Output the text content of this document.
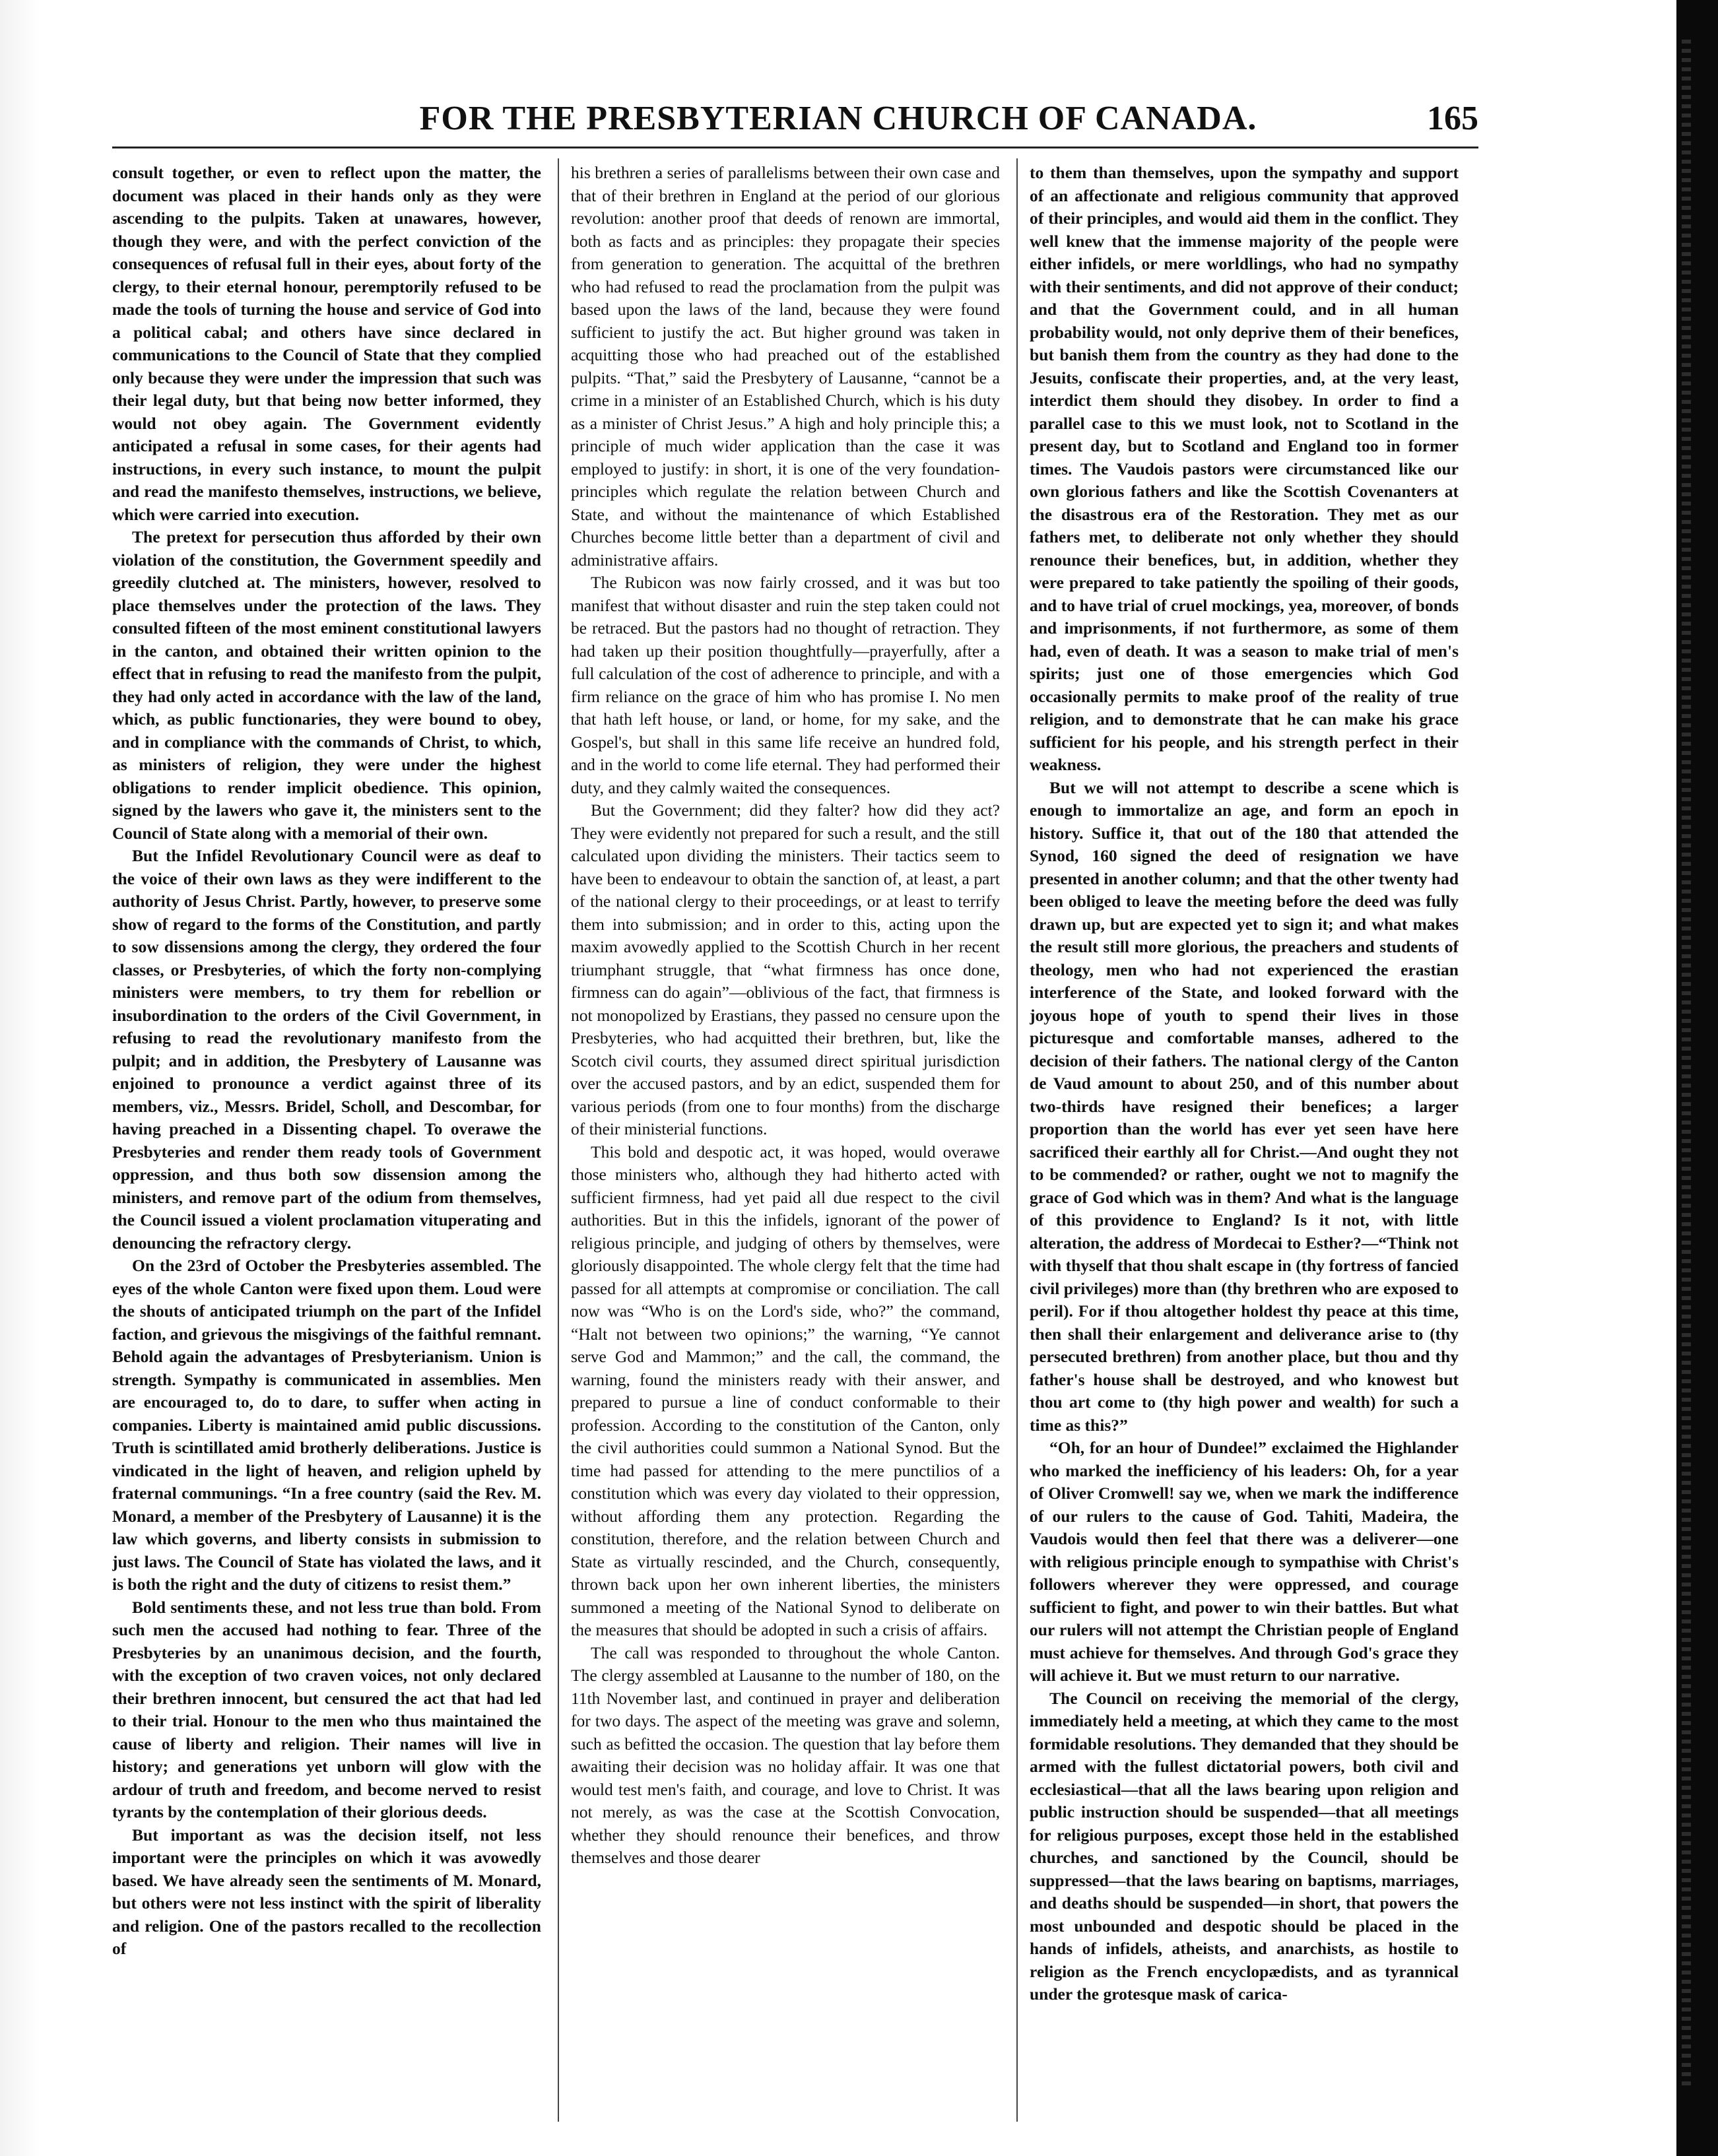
FOR THE PRESBYTERIAN CHURCH OF CANADA.	165

consult together, or even to reflect upon the matter, the document was placed in their hands only as they were ascending to the pulpits. Taken at unawares, however, though they were, and with the perfect conviction of the consequences of refusal full in their eyes, about forty of the clergy, to their eternal honour, peremptorily refused to be made the tools of turning the house and service of God into a political cabal; and others have since declared in communications to the Council of State that they complied only because they were under the impression that such was their legal duty, but that being now better informed, they would not obey again. The Government evidently anticipated a refusal in some cases, for their agents had instructions, in every such instance, to mount the pulpit and read the manifesto themselves, instructions, we believe, which were carried into execution.

The pretext for persecution thus afforded by their own violation of the constitution, the Government speedily and greedily clutched at. The ministers, however, resolved to place themselves under the protection of the laws. They consulted fifteen of the most eminent constitutional lawyers in the canton, and obtained their written opinion to the effect that in refusing to read the manifesto from the pulpit, they had only acted in accordance with the law of the land, which, as public functionaries, they were bound to obey, and in compliance with the commands of Christ, to which, as ministers of religion, they were under the highest obligations to render implicit obedience. This opinion, signed by the lawers who gave it, the ministers sent to the Council of State along with a memorial of their own.

But the Infidel Revolutionary Council were as deaf to the voice of their own laws as they were indifferent to the authority of Jesus Christ. Partly, however, to preserve some show of regard to the forms of the Constitution, and partly to sow dissensions among the clergy, they ordered the four classes, or Presbyteries, of which the forty non-complying ministers were members, to try them for rebellion or insubordination to the orders of the Civil Government, in refusing to read the revolutionary manifesto from the pulpit; and in addition, the Presbytery of Lausanne was enjoined to pronounce a verdict against three of its members, viz., Messrs. Bridel, Scholl, and Descombar, for having preached in a Dissenting chapel. To overawe the Presbyteries and render them ready tools of Government oppression, and thus both sow dissension among the ministers, and remove part of the odium from themselves, the Council issued a violent proclamation vituperating and denouncing the refractory clergy.

On the 23rd of October the Presbyteries assembled. The eyes of the whole Canton were fixed upon them. Loud were the shouts of anticipated triumph on the part of the Infidel faction, and grievous the misgivings of the faithful remnant. Behold again the advantages of Presbyterianism. Union is strength. Sympathy is communicated in assemblies. Men are encouraged to, do to dare, to suffer when acting in companies. Liberty is maintained amid public discussions. Truth is scintillated amid brotherly deliberations. Justice is vindicated in the light of heaven, and religion upheld by fraternal communings. “In a free country (said the Rev. M. Monard, a member of the Presbytery of Lausanne) it is the law which governs, and liberty consists in submission to just laws. The Council of State has violated the laws, and it is both the right and the duty of citizens to resist them.”

Bold sentiments these, and not less true than bold. From such men the accused had nothing to fear. Three of the Presbyteries by an unanimous decision, and the fourth, with the exception of two craven voices, not only declared their brethren innocent, but censured the act that had led to their trial. Honour to the men who thus maintained the cause of liberty and religion. Their names will live in history; and generations yet unborn will glow with the ardour of truth and freedom, and become nerved to resist tyrants by the contemplation of their glorious deeds.

But important as was the decision itself, not less important were the principles on which it was avowedly based. We have already seen the sentiments of M. Monard, but others were not less instinct with the spirit of liberality and religion. One of the pastors recalled to the recollection of

his brethren a series of parallelisms between their own case and that of their brethren in England at the period of our glorious revolution: another proof that deeds of renown are immortal, both as facts and as principles: they propagate their species from generation to generation. The acquittal of the brethren who had refused to read the proclamation from the pulpit was based upon the laws of the land, because they were found sufficient to justify the act. But higher ground was taken in acquitting those who had preached out of the established pulpits. “That,” said the Presbytery of Lausanne, “cannot be a crime in a minister of an Established Church, which is his duty as a minister of Christ Jesus.” A high and holy principle this; a principle of much wider application than the case it was employed to justify: in short, it is one of the very foundation-principles which regulate the relation between Church and State, and without the maintenance of which Established Churches become little better than a department of civil and administrative affairs.

The Rubicon was now fairly crossed, and it was but too manifest that without disaster and ruin the step taken could not be retraced. But the pastors had no thought of retraction. They had taken up their position thoughtfully—prayerfully, after a full calculation of the cost of adherence to principle, and with a firm reliance on the grace of him who has promise I. No men that hath left house, or land, or home, for my sake, and the Gospel's, but shall in this same life receive an hundred fold, and in the world to come life eternal. They had performed their duty, and they calmly waited the consequences.

But the Government; did they falter? how did they act? They were evidently not prepared for such a result, and the still calculated upon dividing the ministers. Their tactics seem to have been to endeavour to obtain the sanction of, at least, a part of the national clergy to their proceedings, or at least to terrify them into submission; and in order to this, acting upon the maxim avowedly applied to the Scottish Church in her recent triumphant struggle, that “what firmness has once done, firmness can do again”—oblivious of the fact, that firmness is not monopolized by Erastians, they passed no censure upon the Presbyteries, who had acquitted their brethren, but, like the Scotch civil courts, they assumed direct spiritual jurisdiction over the accused pastors, and by an edict, suspended them for various periods (from one to four months) from the discharge of their ministerial functions.

This bold and despotic act, it was hoped, would overawe those ministers who, although they had hitherto acted with sufficient firmness, had yet paid all due respect to the civil authorities. But in this the infidels, ignorant of the power of religious principle, and judging of others by themselves, were gloriously disappointed. The whole clergy felt that the time had passed for all attempts at compromise or conciliation. The call now was “Who is on the Lord's side, who?” the command, “Halt not between two opinions;” the warning, “Ye cannot serve God and Mammon;” and the call, the command, the warning, found the ministers ready with their answer, and prepared to pursue a line of conduct conformable to their profession. According to the constitution of the Canton, only the civil authorities could summon a National Synod. But the time had passed for attending to the mere punctilios of a constitution which was every day violated to their oppression, without affording them any protection. Regarding the constitution, therefore, and the relation between Church and State as virtually rescinded, and the Church, consequently, thrown back upon her own inherent liberties, the ministers summoned a meeting of the National Synod to deliberate on the measures that should be adopted in such a crisis of affairs.

The call was responded to throughout the whole Canton. The clergy assembled at Lausanne to the number of 180, on the 11th November last, and continued in prayer and deliberation for two days. The aspect of the meeting was grave and solemn, such as befitted the occasion. The question that lay before them awaiting their decision was no holiday affair. It was one that would test men's faith, and courage, and love to Christ. It was not merely, as was the case at the Scottish Convocation, whether they should renounce their benefices, and throw themselves and those dearer

to them than themselves, upon the sympathy and support of an affectionate and religious community that approved of their principles, and would aid them in the conflict. They well knew that the immense majority of the people were either infidels, or mere worldlings, who had no sympathy with their sentiments, and did not approve of their conduct; and that the Government could, and in all human probability would, not only deprive them of their benefices, but banish them from the country as they had done to the Jesuits, confiscate their properties, and, at the very least, interdict them should they disobey. In order to find a parallel case to this we must look, not to Scotland in the present day, but to Scotland and England too in former times. The Vaudois pastors were circumstanced like our own glorious fathers and like the Scottish Covenanters at the disastrous era of the Restoration. They met as our fathers met, to deliberate not only whether they should renounce their benefices, but, in addition, whether they were prepared to take patiently the spoiling of their goods, and to have trial of cruel mockings, yea, moreover, of bonds and imprisonments, if not furthermore, as some of them had, even of death. It was a season to make trial of men's spirits; just one of those emergencies which God occasionally permits to make proof of the reality of true religion, and to demonstrate that he can make his grace sufficient for his people, and his strength perfect in their weakness.

But we will not attempt to describe a scene which is enough to immortalize an age, and form an epoch in history. Suffice it, that out of the 180 that attended the Synod, 160 signed the deed of resignation we have presented in another column; and that the other twenty had been obliged to leave the meeting before the deed was fully drawn up, but are expected yet to sign it; and what makes the result still more glorious, the preachers and students of theology, men who had not experienced the erastian interference of the State, and looked forward with the joyous hope of youth to spend their lives in those picturesque and comfortable manses, adhered to the decision of their fathers. The national clergy of the Canton de Vaud amount to about 250, and of this number about two-thirds have resigned their benefices; a larger proportion than the world has ever yet seen have here sacrificed their earthly all for Christ.—And ought they not to be commended? or rather, ought we not to magnify the grace of God which was in them? And what is the language of this providence to England? Is it not, with little alteration, the address of Mordecai to Esther?—“Think not with thyself that thou shalt escape in (thy fortress of fancied civil privileges) more than (thy brethren who are exposed to peril). For if thou altogether holdest thy peace at this time, then shall their enlargement and deliverance arise to (thy persecuted brethren) from another place, but thou and thy father's house shall be destroyed, and who knowest but thou art come to (thy high power and wealth) for such a time as this?”

“Oh, for an hour of Dundee!” exclaimed the Highlander who marked the inefficiency of his leaders: Oh, for a year of Oliver Cromwell! say we, when we mark the indifference of our rulers to the cause of God. Tahiti, Madeira, the Vaudois would then feel that there was a deliverer—one with religious principle enough to sympathise with Christ's followers wherever they were oppressed, and courage sufficient to fight, and power to win their battles. But what our rulers will not attempt the Christian people of England must achieve for themselves. And through God's grace they will achieve it. But we must return to our narrative.

The Council on receiving the memorial of the clergy, immediately held a meeting, at which they came to the most formidable resolutions. They demanded that they should be armed with the fullest dictatorial powers, both civil and ecclesiastical—that all the laws bearing upon religion and public instruction should be suspended—that all meetings for religious purposes, except those held in the established churches, and sanctioned by the Council, should be suppressed—that the laws bearing on baptisms, marriages, and deaths should be suspended—in short, that powers the most unbounded and despotic should be placed in the hands of infidels, atheists, and anarchists, as hostile to religion as the French encyclopædists, and as tyrannical under the grotesque mask of carica-
